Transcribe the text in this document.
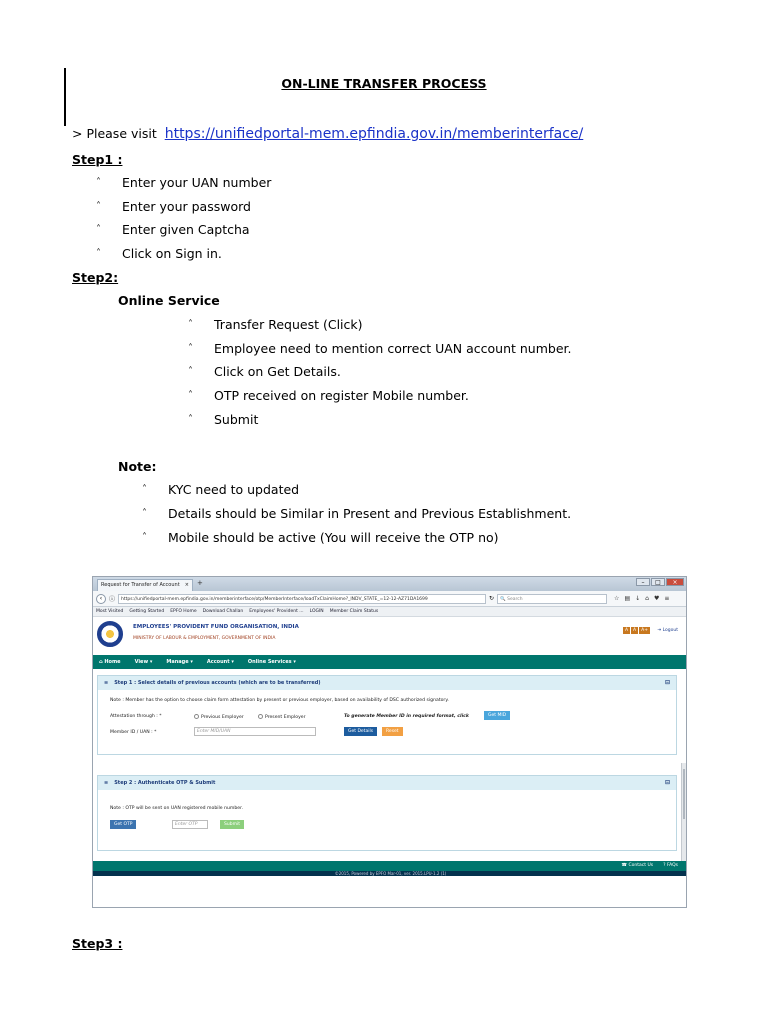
ON-LINE TRANSFER PROCESS
> Please visit https://unifiedportal-mem.epfindia.gov.in/memberinterface/
Step1 :
˄	Enter your UAN number
˄	Enter your password
˄	Enter given Captcha
˄	Click on Sign in.
Step2:
Online Service
˄	Transfer Request (Click)
˄	Employee need to mention correct UAN account number.
˄	Click on Get Details.
˄	OTP received on register Mobile number.
˄	Submit
Note:
˄	KYC need to updated
˄	Details should be Similar in Present and Previous Establishment.
˄	Mobile should be active (You will receive the OTP no)
Request for Transfer of Account × +	–	□	×
‹	ⓘ	https://unifiedportal-mem.epfindia.gov.in/memberinterface/otp/MemberInterface/loadTxClaimHome?_INDV_STATE_=12-12-AZ71DA1699	↻	🔍 Search	☆ ▤ ↓ ⌂ ♥ ≡
Most Visited Getting Started EPFO Home Download Challan Employees' Provident ... LOGIN Member Claim Status
EMPLOYEES' PROVIDENT FUND ORGANISATION, INDIA
MINISTRY OF LABOUR & EMPLOYMENT, GOVERNMENT OF INDIA
A	A	A+	⇥ Logout
⌂ Home	View ▾	Manage ▾	Account ▾	Online Services ▾
≡ Step 1 : Select details of previous accounts (which are to be transferred)	⊟
Note : Member has the option to choose claim form attestation by present or previous employer, based on availability of DSC authorized signatory.
Attestation through : *	Previous Employer	Present Employer	To generate Member ID in required format, click	Get MID
Member ID / UAN : *	Enter MID/UAN	Get Details	Reset
≡ Step 2 : Authenticate OTP & Submit	⊟
Note : OTP will be sent on UAN registered mobile number.
Get OTP	Enter OTP	Submit
☎ Contact Us ? FAQs
©2015, Powered by EPFO Mar-01, ver. 2015.LPU-1.2 (1)
Step3 :
